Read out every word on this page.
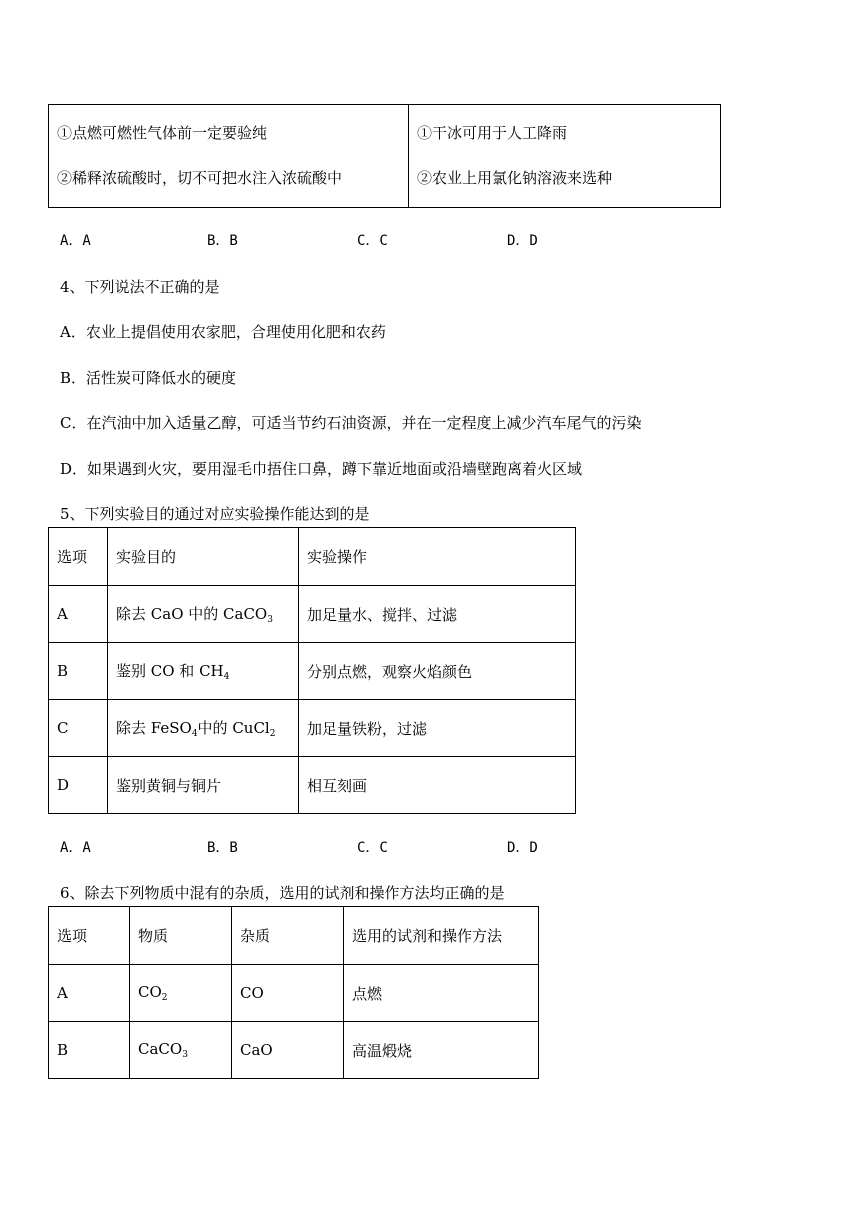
①点燃可燃性气体前一定要验纯
②稀释浓硫酸时，切不可把水注入浓硫酸中

①干冰可用于人工降雨
②农业上用氯化钠溶液来选种
A．A	B．B	C．C	D．D
4、下列说法不正确的是
A．农业上提倡使用农家肥，合理使用化肥和农药
B．活性炭可降低水的硬度
C．在汽油中加入适量乙醇，可适当节约石油资源，并在一定程度上减少汽车尾气的污染
D．如果遇到火灾，要用湿毛巾捂住口鼻，蹲下靠近地面或沿墙壁跑离着火区域
5、下列实验目的通过对应实验操作能达到的是
选项	实验目的	实验操作
A	除去 CaO 中的 CaCO$_3$	加足量水、搅拌、过滤
B	鉴别 CO 和 $CH_4$	分别点燃，观察火焰颜色
C	除去 FeSO$_4$中的 CuCl$_2$	加足量铁粉，过滤
D	鉴别黄铜与铜片	相互刻画
A．A	B．B	C．C	D．D
6、除去下列物质中混有的杂质，选用的试剂和操作方法均正确的是
选项	物质	杂质	选用的试剂和操作方法
A	$CO_2$	CO	点燃
B	CaCO$_3$	CaO	高温煅烧
